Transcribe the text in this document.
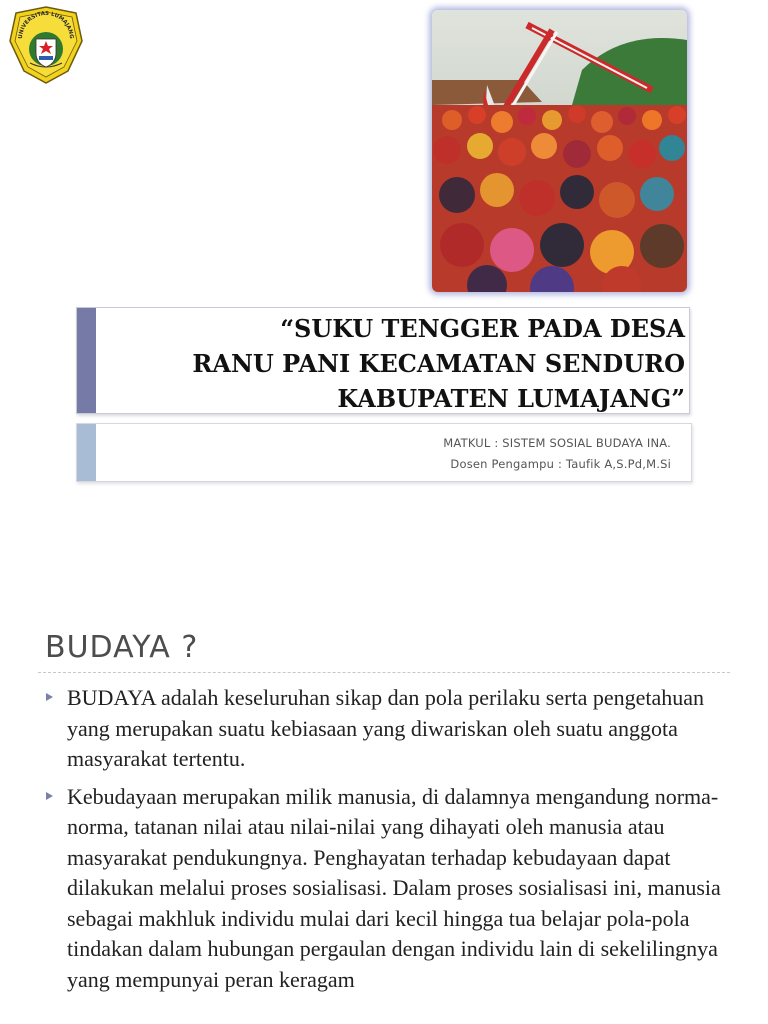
UNIVERSITAS LUMAJANG
“SUKU TENGGER PADA DESA
RANU PANI KECAMATAN SENDURO
KABUPATEN LUMAJANG”
MATKUL : SISTEM SOSIAL BUDAYA INA.
Dosen Pengampu : Taufik A,S.Pd,M.Si
BUDAYA ?
BUDAYA adalah keseluruhan sikap dan pola perilaku serta pengetahuan yang merupakan suatu kebiasaan yang diwariskan oleh suatu anggota masyarakat tertentu.
Kebudayaan merupakan milik manusia, di dalamnya mengandung norma-norma, tatanan nilai atau nilai-nilai yang dihayati oleh manusia atau masyarakat pendukungnya. Penghayatan terhadap kebudayaan dapat dilakukan melalui proses sosialisasi. Dalam proses sosialisasi ini, manusia sebagai makhluk individu mulai dari kecil hingga tua belajar pola-pola tindakan dalam hubungan pergaulan dengan individu lain di sekelilingnya yang mempunyai peran keragam
